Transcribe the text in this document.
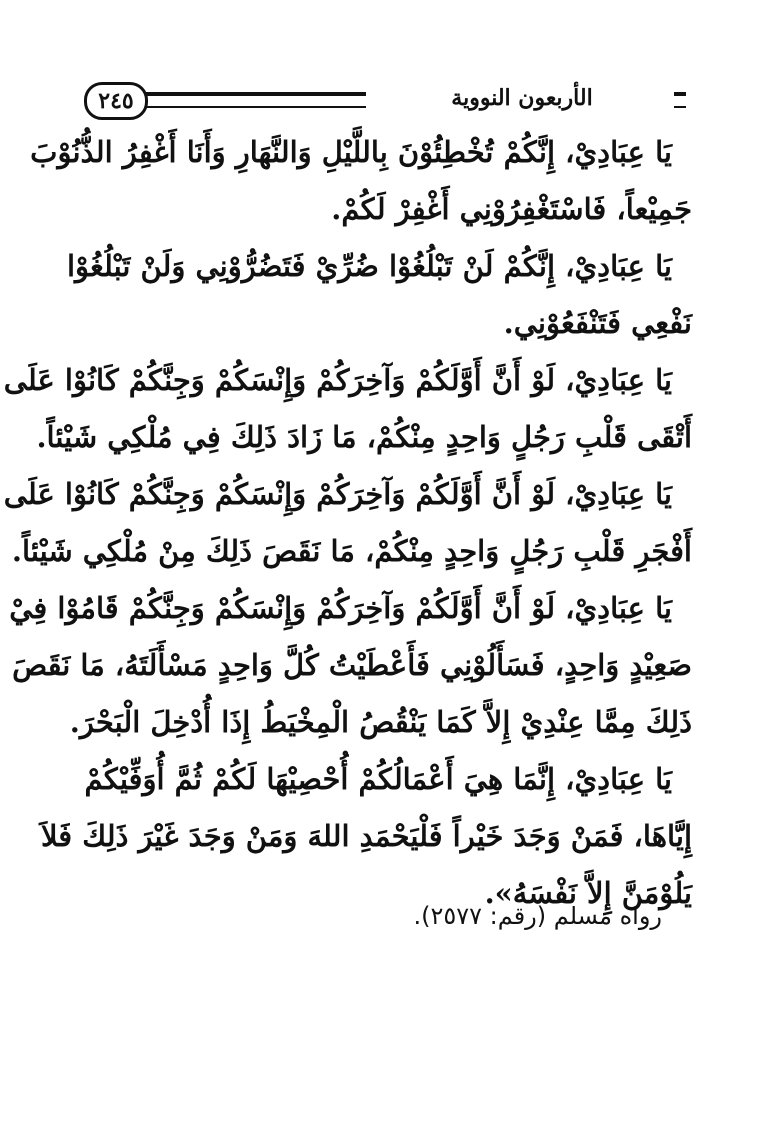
٢٤٥	الأربعون النووية
يَا عِبَادِيْ، إِنَّكُمْ تُخْطِئُوْنَ بِاللَّيْلِ وَالنَّهَارِ وَأَنَا أَغْفِرُ الذُّنُوْبَ
جَمِيْعاً، فَاسْتَغْفِرُوْنِي أَغْفِرْ لَكُمْ.
يَا عِبَادِيْ، إِنَّكُمْ لَنْ تَبْلُغُوْا ضُرِّيْ فَتَضُرُّوْنِي وَلَنْ تَبْلُغُوْا
نَفْعِي فَتَنْفَعُوْنِي.
يَا عِبَادِيْ، لَوْ أَنَّ أَوَّلَكُمْ وَآخِرَكُمْ وَإِنْسَكُمْ وَجِنَّكُمْ كَانُوْا عَلَى
أَتْقَى قَلْبِ رَجُلٍ وَاحِدٍ مِنْكُمْ، مَا زَادَ ذَلِكَ فِي مُلْكِي شَيْئاً.
يَا عِبَادِيْ، لَوْ أَنَّ أَوَّلَكُمْ وَآخِرَكُمْ وَإِنْسَكُمْ وَجِنَّكُمْ كَانُوْا عَلَى
أَفْجَرِ قَلْبِ رَجُلٍ وَاحِدٍ مِنْكُمْ، مَا نَقَصَ ذَلِكَ مِنْ مُلْكِي شَيْئاً.
يَا عِبَادِيْ، لَوْ أَنَّ أَوَّلَكُمْ وَآخِرَكُمْ وَإِنْسَكُمْ وَجِنَّكُمْ قَامُوْا فِيْ
صَعِيْدٍ وَاحِدٍ، فَسَأَلُوْنِي فَأَعْطَيْتُ كُلَّ وَاحِدٍ مَسْأَلَتَهُ، مَا نَقَصَ
ذَلِكَ مِمَّا عِنْدِيْ إِلاَّ كَمَا يَنْقُصُ الْمِخْيَطُ إِذَا أُدْخِلَ الْبَحْرَ.
يَا عِبَادِيْ، إِنَّمَا هِيَ أَعْمَالُكُمْ أُحْصِيْهَا لَكُمْ ثُمَّ أُوَفِّيْكُمْ
إِيَّاهَا، فَمَنْ وَجَدَ خَيْراً فَلْيَحْمَدِ اللهَ وَمَنْ وَجَدَ غَيْرَ ذَلِكَ فَلاَ
يَلُوْمَنَّ إِلاَّ نَفْسَهُ».
رواه مسلم (رقم: ٢٥٧٧).
